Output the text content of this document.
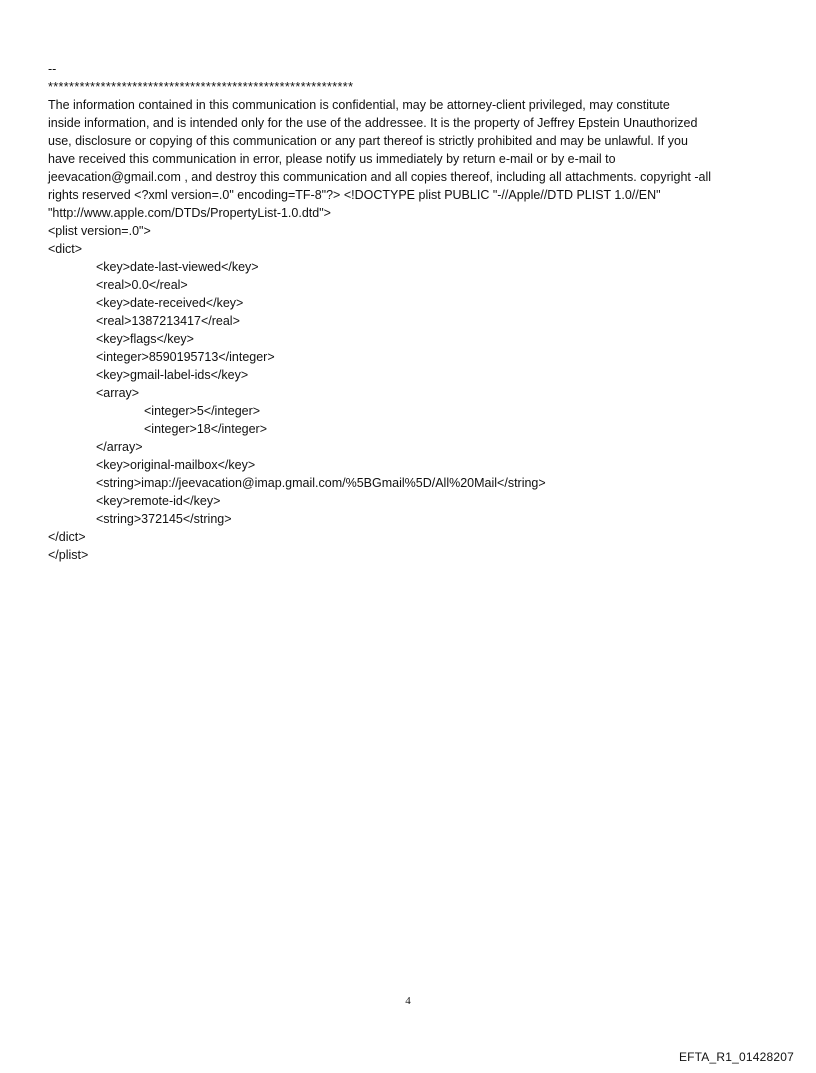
--
**********************************************************
The information contained in this communication is confidential, may be attorney-client privileged, may constitute
inside information, and is intended only for the use of the addressee. It is the property of Jeffrey Epstein Unauthorized
use, disclosure or copying of this communication or any part thereof is strictly prohibited and may be unlawful. If you
have received this communication in error, please notify us immediately by return e-mail or by e-mail to
jeevacation@gmail.com , and destroy this communication and all copies thereof, including all attachments. copyright -all
rights reserved <?xml version=.0" encoding=TF-8"?> <!DOCTYPE plist PUBLIC "-//Apple//DTD PLIST 1.0//EN"
"http://www.apple.com/DTDs/PropertyList-1.0.dtd">
<plist version=.0">
<dict>
<key>date-last-viewed</key>
<real>0.0</real>
<key>date-received</key>
<real>1387213417</real>
<key>flags</key>
<integer>8590195713</integer>
<key>gmail-label-ids</key>
<array>
<integer>5</integer>
<integer>18</integer>
</array>
<key>original-mailbox</key>
<string>imap://jeevacation@imap.gmail.com/%5BGmail%5D/All%20Mail</string>
<key>remote-id</key>
<string>372145</string>
</dict>
</plist>
4
EFTA_R1_01428207
